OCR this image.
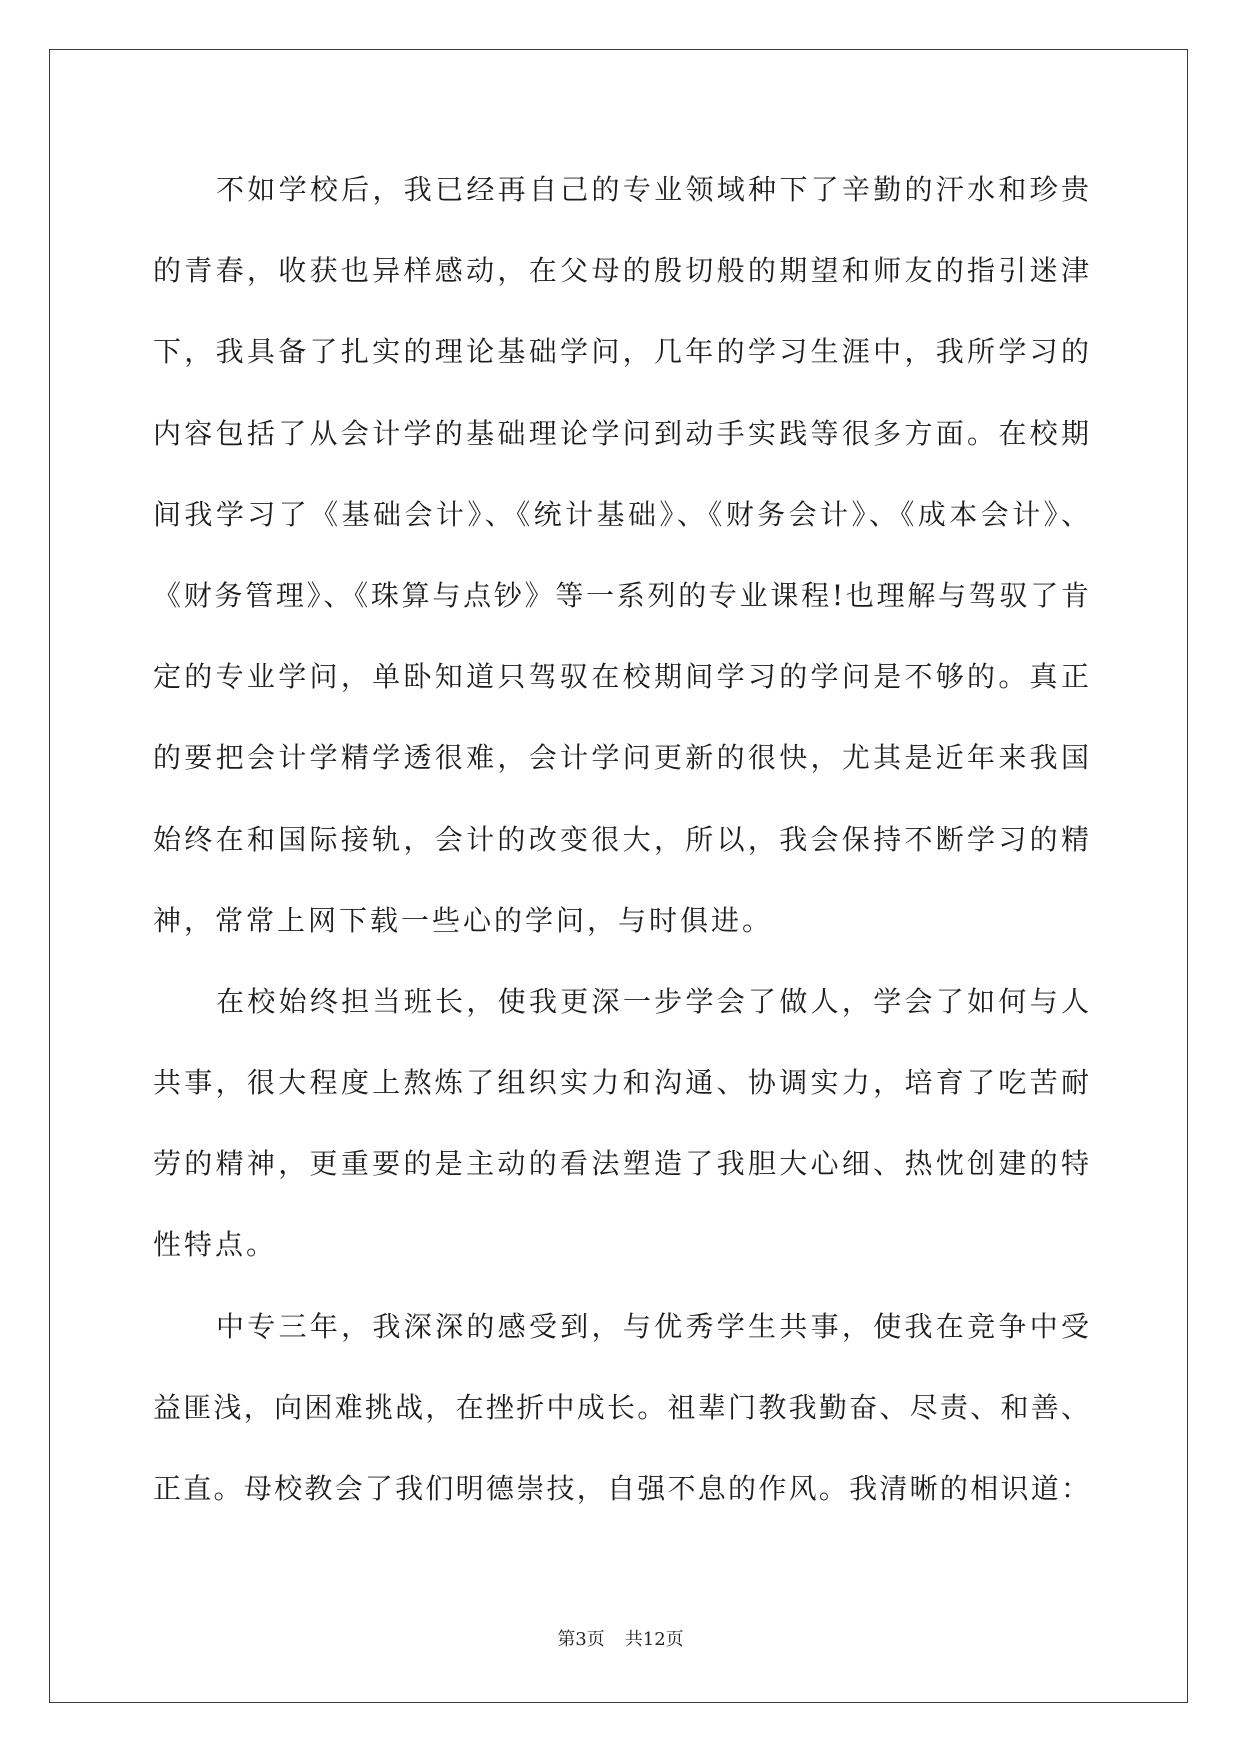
不如学校后，我已经再自己的专业领域种下了辛勤的汗水和珍贵
的青春，收获也异样感动，在父母的殷切般的期望和师友的指引迷津
下，我具备了扎实的理论基础学问，几年的学习生涯中，我所学习的
内容包括了从会计学的基础理论学问到动手实践等很多方面。在校期
间我学习了《基础会计》、《统计基础》、《财务会计》、《成本会计》、
《财务管理》、《珠算与点钞》等一系列的专业课程!也理解与驾驭了肯
定的专业学问，单卧知道只驾驭在校期间学习的学问是不够的。真正
的要把会计学精学透很难，会计学问更新的很快，尤其是近年来我国
始终在和国际接轨，会计的改变很大，所以，我会保持不断学习的精
神，常常上网下载一些心的学问，与时俱进。
在校始终担当班长，使我更深一步学会了做人，学会了如何与人
共事，很大程度上熬炼了组织实力和沟通、协调实力，培育了吃苦耐
劳的精神，更重要的是主动的看法塑造了我胆大心细、热忱创建的特
性特点。
中专三年，我深深的感受到，与优秀学生共事，使我在竞争中受
益匪浅，向困难挑战，在挫折中成长。祖辈门教我勤奋、尽责、和善、
正直。母校教会了我们明德崇技，自强不息的作风。我清晰的相识道：
第3页 共12页
